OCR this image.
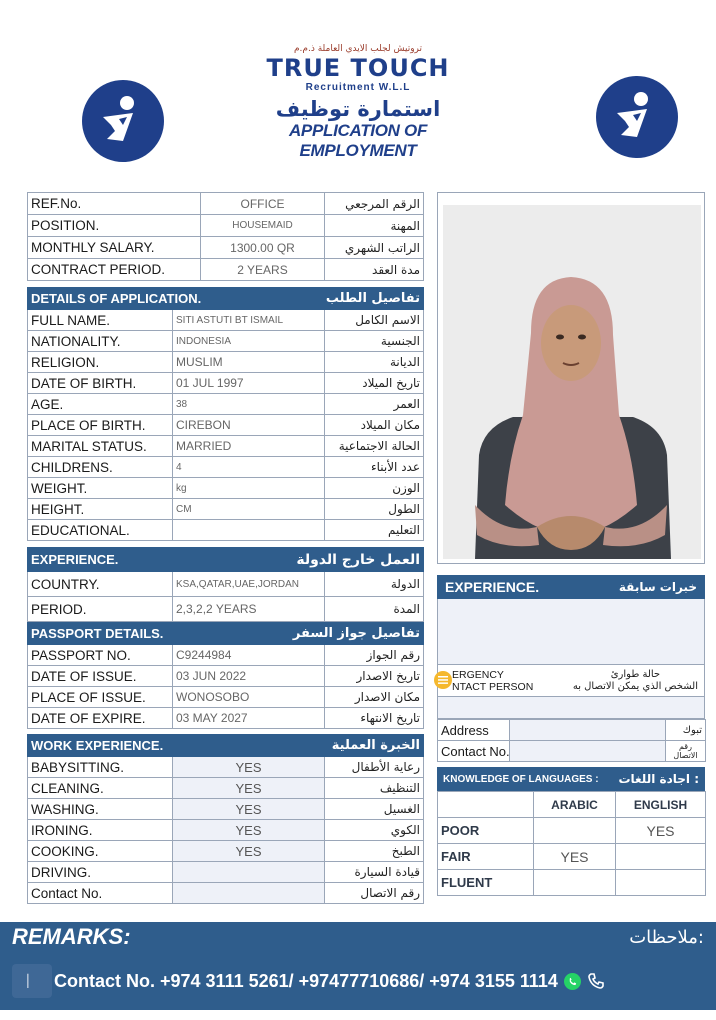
تروتيش لجلب الايدي العاملة ذ.م.م
TRUE TOUCH
Recruitment W.L.L
استمارة توظيف
APPLICATION OF EMPLOYMENT
REF.No.	OFFICE	الرقم المرجعي
POSITION.	HOUSEMAID	المهنة
MONTHLY SALARY.	1300.00 QR	الراتب الشهري
CONTRACT PERIOD.	2 YEARS	مدة العقد
DETAILS OF APPLICATION.		تفاصيل الطلب
FULL NAME.	SITI ASTUTI BT ISMAIL	الاسم الكامل
NATIONALITY.	INDONESIA	الجنسية
RELIGION.	MUSLIM	الديانة
DATE OF BIRTH.	01 JUL 1997	تاريخ الميلاد
AGE.	38	العمر
PLACE OF BIRTH.	CIREBON	مكان الميلاد
MARITAL STATUS.	MARRIED	الحالة الاجتماعية
CHILDRENS.	4	عدد الأبناء
WEIGHT.	kg	الوزن
HEIGHT.	CM	الطول
EDUCATIONAL.		التعليم
EXPERIENCE.		العمل خارج الدولة
COUNTRY.	KSA,QATAR,UAE,JORDAN	الدولة
PERIOD.	2,3,2,2 YEARS	المدة
PASSPORT DETAILS.		تفاصيل جواز السفر
PASSPORT NO.	C9244984	رقم الجواز
DATE OF ISSUE.	03 JUN 2022	تاريخ الاصدار
PLACE OF ISSUE.	WONOSOBO	مكان الاصدار
DATE OF EXPIRE.	03 MAY 2027	تاريخ الانتهاء
WORK EXPERIENCE.		الخبرة العملية
BABYSITTING.	YES	رعاية الأطفال
CLEANING.	YES	التنظيف
WASHING.	YES	الغسيل
IRONING.	YES	الكوي
COOKING.	YES	الطبخ
DRIVING.		قيادة السيارة
Contact No.		رقم الاتصال
EXPERIENCE.	خبرات سابقة
ERGENCY
NTACT PERSON
حالة طوارئ
الشخص الذي يمكن الاتصال به
Address		تبوك
Contact No.		رقم الاتصال
KNOWLEDGE OF LANGUAGES : اجادة اللغات :
	ARABIC	ENGLISH
POOR		YES
FAIR	YES	
FLUENT		
REMARKS:	ملاحظات:
▏ Contact No. +974 3111 5261/ +97477710686/ +974 3155 1114
